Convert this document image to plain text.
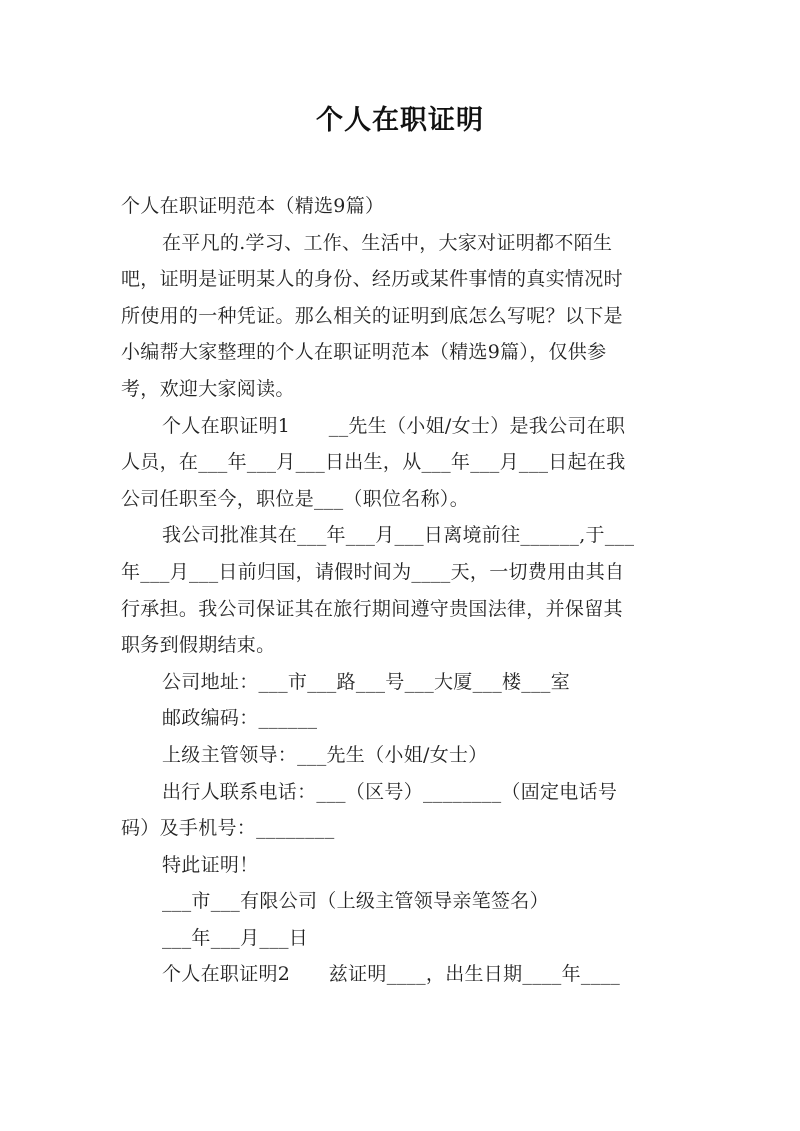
个人在职证明

个人在职证明范本（精选9篇）

在平凡的.学习、工作、生活中，大家对证明都不陌生

吧，证明是证明某人的身份、经历或某件事情的真实情况时

所使用的一种凭证。那么相关的证明到底怎么写呢？以下是

小编帮大家整理的个人在职证明范本（精选9篇），仅供参

考，欢迎大家阅读。

个人在职证明1　　__先生（小姐/女士）是我公司在职

人员，在___年___月___日出生，从___年___月___日起在我

公司任职至今，职位是___（职位名称）。

我公司批准其在___年___月___日离境前往______,于___

年___月___日前归国，请假时间为____天，一切费用由其自

行承担。我公司保证其在旅行期间遵守贵国法律，并保留其

职务到假期结束。

公司地址：___市___路___号___大厦___楼___室

邮政编码：______

上级主管领导：___先生（小姐/女士）

出行人联系电话：___（区号）________（固定电话号

码）及手机号：________

特此证明！

___市___有限公司（上级主管领导亲笔签名）

___年___月___日

个人在职证明2　　兹证明____，出生日期____年____
